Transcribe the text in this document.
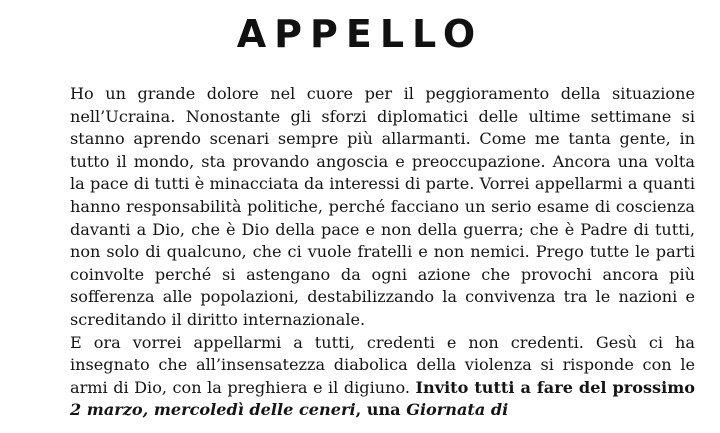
APPELLO

Ho un grande dolore nel cuore per il peggioramento della situazione nell’Ucraina. Nonostante gli sforzi diplomatici delle ultime settimane si stanno aprendo scenari sempre più allarmanti. Come me tanta gente, in tutto il mondo, sta provando angoscia e preoccupazione. Ancora una volta la pace di tutti è minacciata da interessi di parte. Vorrei appellarmi a quanti hanno responsabilità politiche, perché facciano un serio esame di coscienza davanti a Dio, che è Dio della pace e non della guerra; che è Padre di tutti, non solo di qualcuno, che ci vuole fratelli e non nemici. Prego tutte le parti coinvolte perché si astengano da ogni azione che provochi ancora più sofferenza alle popolazioni, destabilizzando la convivenza tra le nazioni e screditando il diritto internazionale.

E ora vorrei appellarmi a tutti, credenti e non credenti. Gesù ci ha insegnato che all’insensatezza diabolica della violenza si risponde con le armi di Dio, con la preghiera e il digiuno. Invito tutti a fare del prossimo 2 marzo, mercoledì delle ceneri, una Giornata di
